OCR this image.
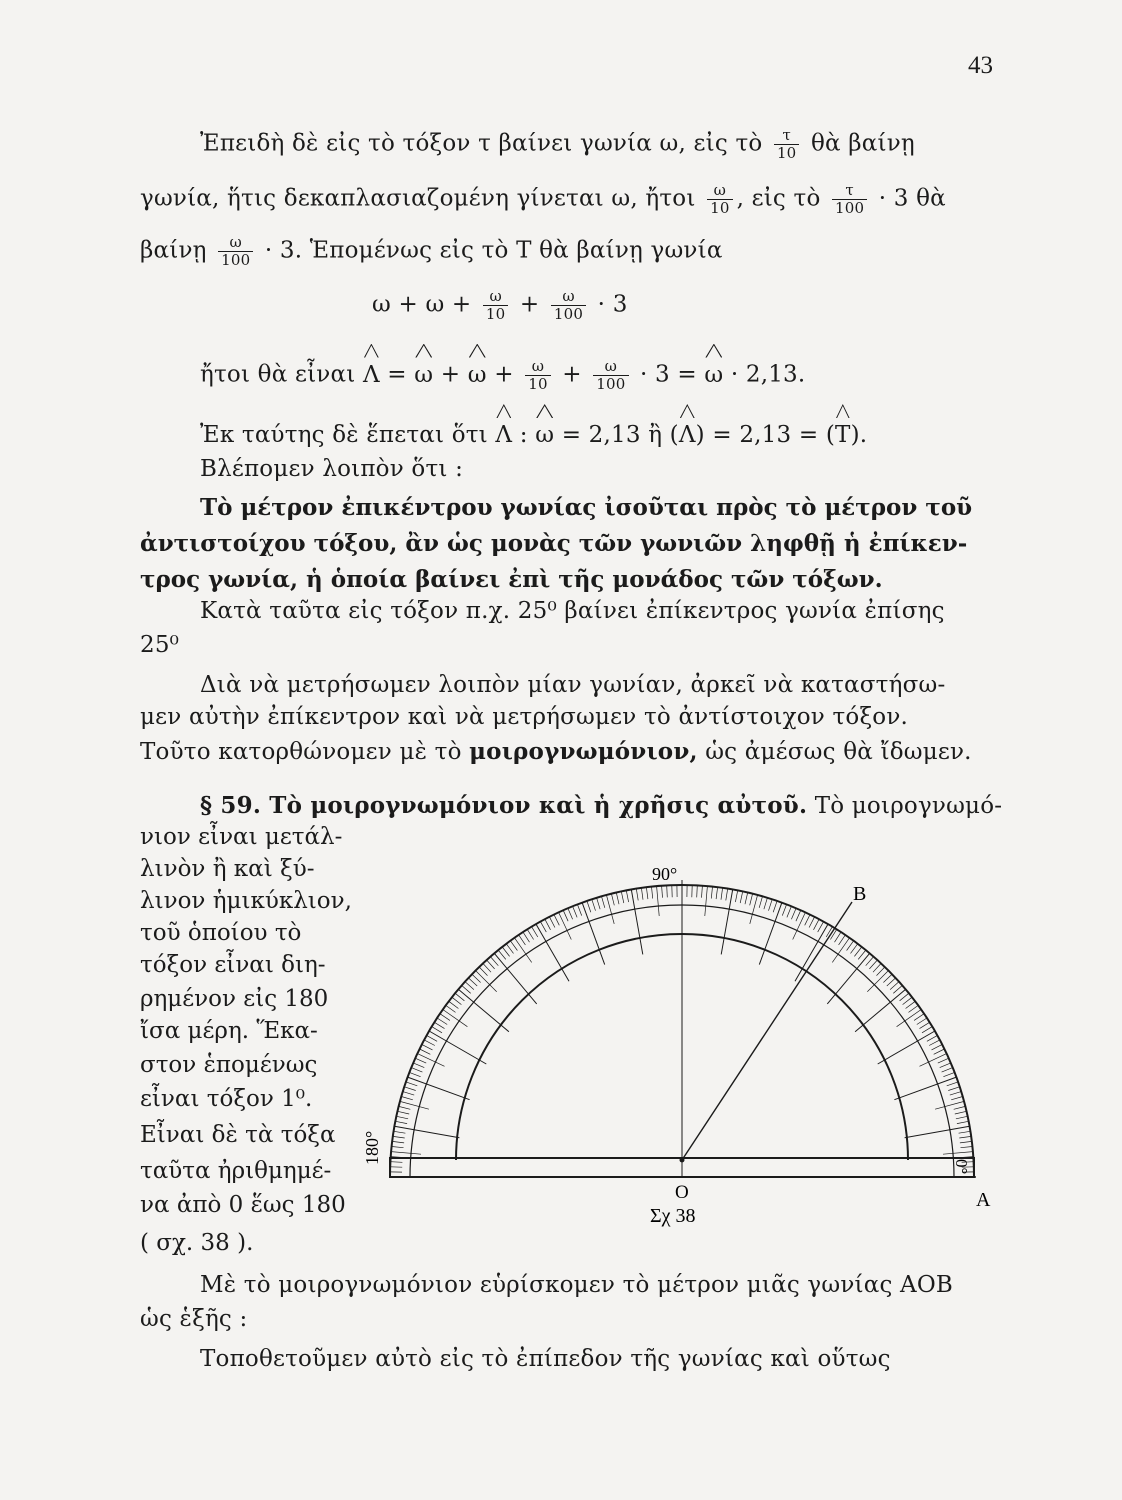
43
Ἐπειδὴ δὲ εἰς τὸ τόξον τ βαίνει γωνία ω, εἰς τὸ $\frac{\tau}{10}$ θὰ βαίνῃ
γωνία, ἥτις δεκαπλασιαζομένη γίνεται ω, ἤτοι $\frac{\omega}{10}$ , εἰς τὸ $\frac{\tau}{100} \cdot 3$ θὰ
βαίνῃ $\frac{\omega}{100} \cdot 3$. Ἑπομένως εἰς τὸ Τ θὰ βαίνῃ γωνία
$\omega + \omega + \frac{\omega}{10} + \frac{\omega}{100} \cdot 3$
ἤτοι θὰ εἶναι $\Lambda = \omega + \omega + \frac{\omega}{10} + \frac{\omega}{100} \cdot 3 = \omega \cdot 2,13$.
Ἐκ ταύτης δὲ ἕπεται ὅτι Λ : ω = 2,13 ἢ (Λ) = 2,13 = (Τ).
Βλέπομεν λοιπὸν ὅτι :
Τὸ μέτρον ἐπικέντρου γωνίας ἰσοῦται πρὸς τὸ μέτρον τοῦ
ἀντιστοίχου τόξου, ἂν ὡς μονὰς τῶν γωνιῶν ληφθῇ ἡ ἐπίκεν-
τρος γωνία, ἡ ὁποία βαίνει ἐπὶ τῆς μονάδος τῶν τόξων.
Κατὰ ταῦτα εἰς τόξον π.χ. 25⁰ βαίνει ἐπίκεντρος γωνία ἐπίσης
25⁰
Διὰ νὰ μετρήσωμεν λοιπὸν μίαν γωνίαν, ἀρκεῖ νὰ καταστήσω-
μεν αὐτὴν ἐπίκεντρον καὶ νὰ μετρήσωμεν τὸ ἀντίστοιχον τόξον.
Τοῦτο κατορθώνομεν μὲ τὸ μοιρογνωμόνιον, ὡς ἀμέσως θὰ ἴδωμεν.
§ 59. Τὸ μοιρογνωμόνιον καὶ ἡ χρῆσις αὐτοῦ. Τὸ μοιρογνωμό-
νιον εἶναι μετάλ-
λινὸν ἢ καὶ ξύ-
λινον ἡμικύκλιον,
τοῦ ὁποίου τὸ
τόξον εἶναι διη-
ρημένον εἰς 180
ἴσα μέρη. Ἕκα-
στον ἑπομένως
εἶναι τόξον 1⁰.
Εἶναι δὲ τὰ τόξα
ταῦτα ἠριθμημέ-
να ἀπὸ 0 ἕως 180
( σχ. 38 ).
90°
B
O	A
180°
0°
Σχ 38
Μὲ τὸ μοιρογνωμόνιον εὑρίσκομεν τὸ μέτρον μιᾶς γωνίας ΑΟΒ
ὡς ἑξῆς :
Τοποθετοῦμεν αὐτὸ εἰς τὸ ἐπίπεδον τῆς γωνίας καὶ οὕτως
